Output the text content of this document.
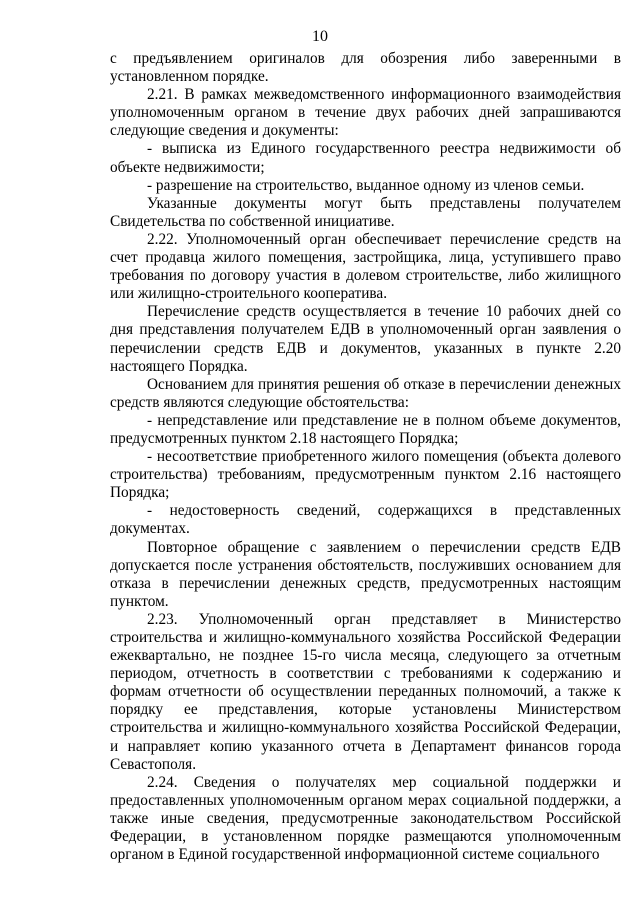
10

с предъявлением оригиналов для обозрения либо заверенными в установленном порядке.

2.21. В рамках межведомственного информационного взаимодействия уполномоченным органом в течение двух рабочих дней запрашиваются следующие сведения и документы:

- выписка из Единого государственного реестра недвижимости об объекте недвижимости;

- разрешение на строительство, выданное одному из членов семьи.

Указанные документы могут быть представлены получателем Свидетельства по собственной инициативе.

2.22. Уполномоченный орган обеспечивает перечисление средств на счет продавца жилого помещения, застройщика, лица, уступившего право требования по договору участия в долевом строительстве, либо жилищного или жилищно-строительного кооператива.

Перечисление средств осуществляется в течение 10 рабочих дней со дня представления получателем ЕДВ в уполномоченный орган заявления о перечислении средств ЕДВ и документов, указанных в пункте 2.20 настоящего Порядка.

Основанием для принятия решения об отказе в перечислении денежных средств являются следующие обстоятельства:

- непредставление или представление не в полном объеме документов, предусмотренных пунктом 2.18 настоящего Порядка;

- несоответствие приобретенного жилого помещения (объекта долевого строительства) требованиям, предусмотренным пунктом 2.16 настоящего Порядка;

- недостоверность сведений, содержащихся в представленных документах.

Повторное обращение с заявлением о перечислении средств ЕДВ допускается после устранения обстоятельств, послуживших основанием для отказа в перечислении денежных средств, предусмотренных настоящим пунктом.

2.23. Уполномоченный орган представляет в Министерство строительства и жилищно-коммунального хозяйства Российской Федерации ежеквартально, не позднее 15-го числа месяца, следующего за отчетным периодом, отчетность в соответствии с требованиями к содержанию и формам отчетности об осуществлении переданных полномочий, а также к порядку ее представления, которые установлены Министерством строительства и жилищно-коммунального хозяйства Российской Федерации, и направляет копию указанного отчета в Департамент финансов города Севастополя.

2.24. Сведения о получателях мер социальной поддержки и предоставленных уполномоченным органом мерах социальной поддержки, а также иные сведения, предусмотренные законодательством Российской Федерации, в установленном порядке размещаются уполномоченным органом в Единой государственной информационной системе социального
